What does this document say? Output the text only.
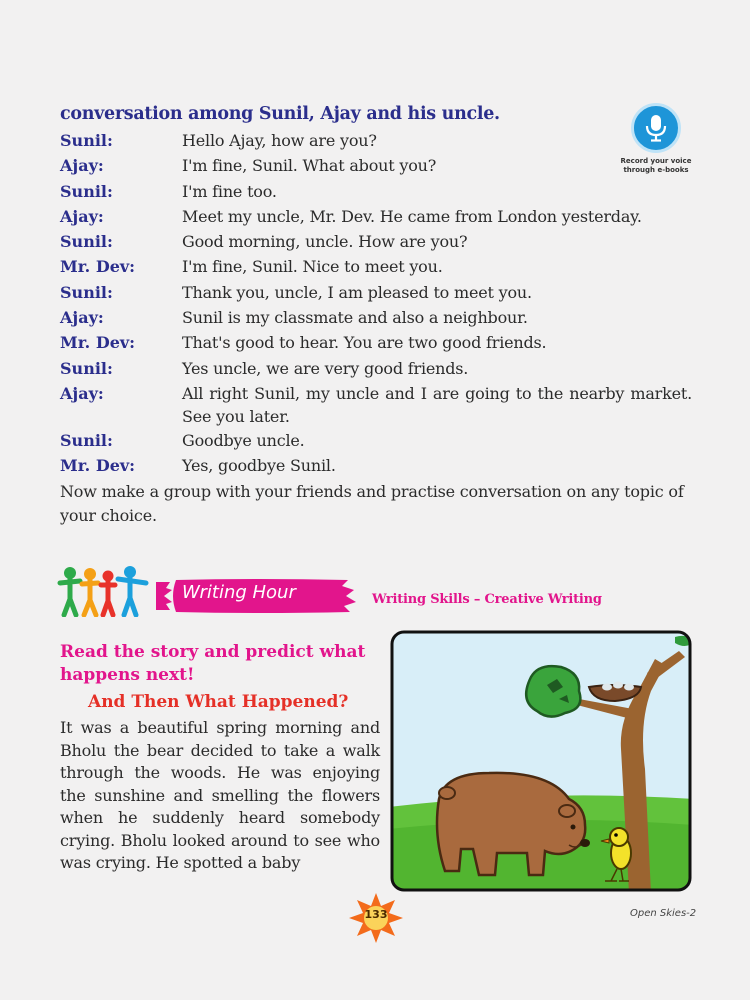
conversation among Sunil, Ajay and his uncle.
Record your voice
through e-books
Sunil:	Hello Ajay, how are you?
Ajay:	I'm fine, Sunil. What about you?
Sunil:	I'm fine too.
Ajay:	Meet my uncle, Mr. Dev. He came from London yesterday.
Sunil:	Good morning, uncle. How are you?
Mr. Dev:	I'm fine, Sunil. Nice to meet you.
Sunil:	Thank you, uncle, I am pleased to meet you.
Ajay:	Sunil is my classmate and also a neighbour.
Mr. Dev:	That's good to hear. You are two good friends.
Sunil:	Yes uncle, we are very good friends.
Ajay:	All right Sunil, my uncle and I are going to the nearby market. See you later.
Sunil:	Goodbye uncle.
Mr. Dev:	Yes, goodbye Sunil.
Now make a group with your friends and practise conversation on any topic of your choice.
Writing Hour	Writing Skills – Creative Writing
Read the story and predict what happens next!
And Then What Happened?
It was a beautiful spring morning and Bholu the bear decided to take a walk through the woods. He was enjoying the sunshine and smelling the flowers when he suddenly heard somebody crying. Bholu looked around to see who was crying. He spotted a baby
133	Open Skies-2
